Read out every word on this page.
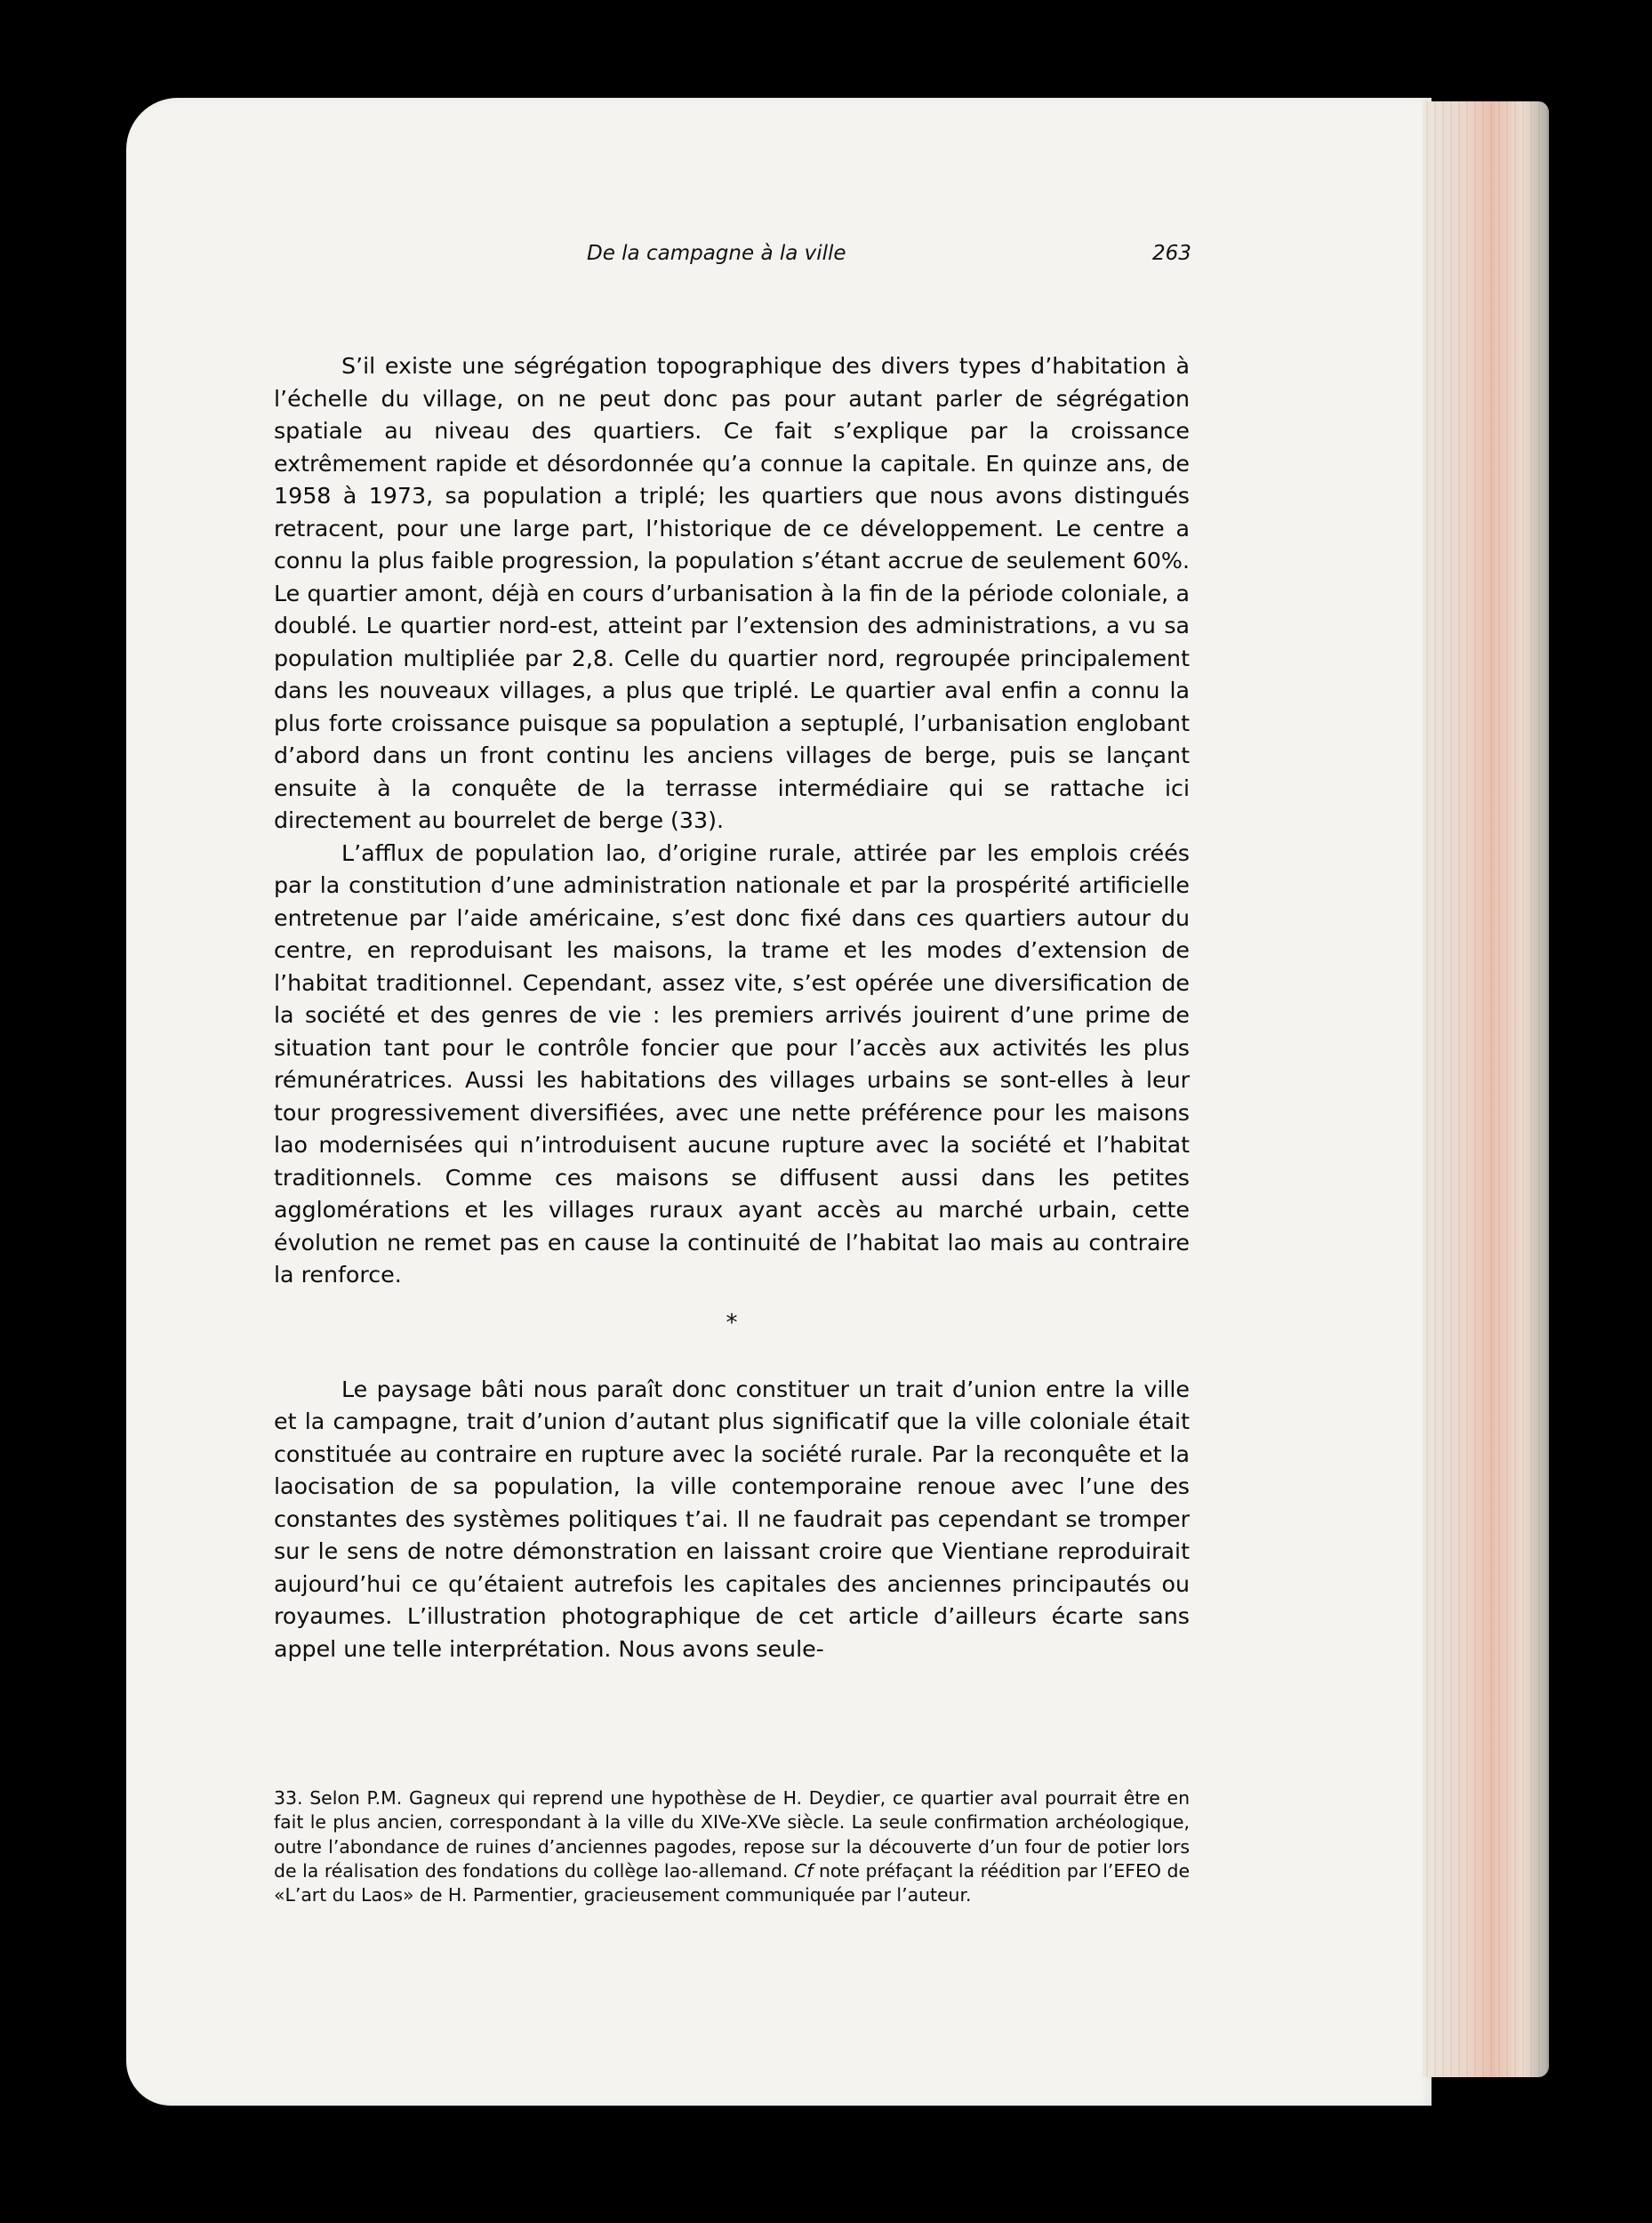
De la campagne à la ville	263

S’il existe une ségrégation topographique des divers types d’habitation à l’échelle du village, on ne peut donc pas pour autant parler de ségrégation spatiale au niveau des quartiers. Ce fait s’explique par la croissance extrêmement rapide et désordonnée qu’a connue la capitale. En quinze ans, de 1958 à 1973, sa population a triplé; les quartiers que nous avons distingués retracent, pour une large part, l’historique de ce développement. Le centre a connu la plus faible progression, la population s’étant accrue de seulement 60%. Le quartier amont, déjà en cours d’urbanisation à la fin de la période coloniale, a doublé. Le quartier nord-est, atteint par l’extension des administrations, a vu sa population multipliée par 2,8. Celle du quartier nord, regroupée principalement dans les nouveaux villages, a plus que triplé. Le quartier aval enfin a connu la plus forte croissance puisque sa population a septuplé, l’urbanisation englobant d’abord dans un front continu les anciens villages de berge, puis se lançant ensuite à la conquête de la terrasse intermédiaire qui se rattache ici directement au bourrelet de berge (33).

L’afflux de population lao, d’origine rurale, attirée par les emplois créés par la constitution d’une administration nationale et par la prospérité artificielle entretenue par l’aide américaine, s’est donc fixé dans ces quartiers autour du centre, en reproduisant les maisons, la trame et les modes d’extension de l’habitat traditionnel. Cependant, assez vite, s’est opérée une diversification de la société et des genres de vie : les premiers arrivés jouirent d’une prime de situation tant pour le contrôle foncier que pour l’accès aux activités les plus rémunératrices. Aussi les habitations des villages urbains se sont-elles à leur tour progressivement diversifiées, avec une nette préférence pour les maisons lao modernisées qui n’introduisent aucune rupture avec la société et l’habitat traditionnels. Comme ces maisons se diffusent aussi dans les petites agglomérations et les villages ruraux ayant accès au marché urbain, cette évolution ne remet pas en cause la continuité de l’habitat lao mais au contraire la renforce.

*

Le paysage bâti nous paraît donc constituer un trait d’union entre la ville et la campagne, trait d’union d’autant plus significatif que la ville coloniale était constituée au contraire en rupture avec la société rurale. Par la reconquête et la laocisation de sa population, la ville contemporaine renoue avec l’une des constantes des systèmes politiques t’ai. Il ne faudrait pas cependant se tromper sur le sens de notre démonstration en laissant croire que Vientiane reproduirait aujourd’hui ce qu’étaient autrefois les capitales des anciennes principautés ou royaumes. L’illustration photographique de cet article d’ailleurs écarte sans appel une telle interprétation. Nous avons seule-

33. Selon P.M. Gagneux qui reprend une hypothèse de H. Deydier, ce quartier aval pourrait être en fait le plus ancien, correspondant à la ville du XIVe-XVe siècle. La seule confirmation archéologique, outre l’abondance de ruines d’anciennes pagodes, repose sur la découverte d’un four de potier lors de la réalisation des fondations du collège lao-allemand. Cf note préfaçant la réédition par l’EFEO de «L’art du Laos» de H. Parmentier, gracieusement communiquée par l’auteur.
